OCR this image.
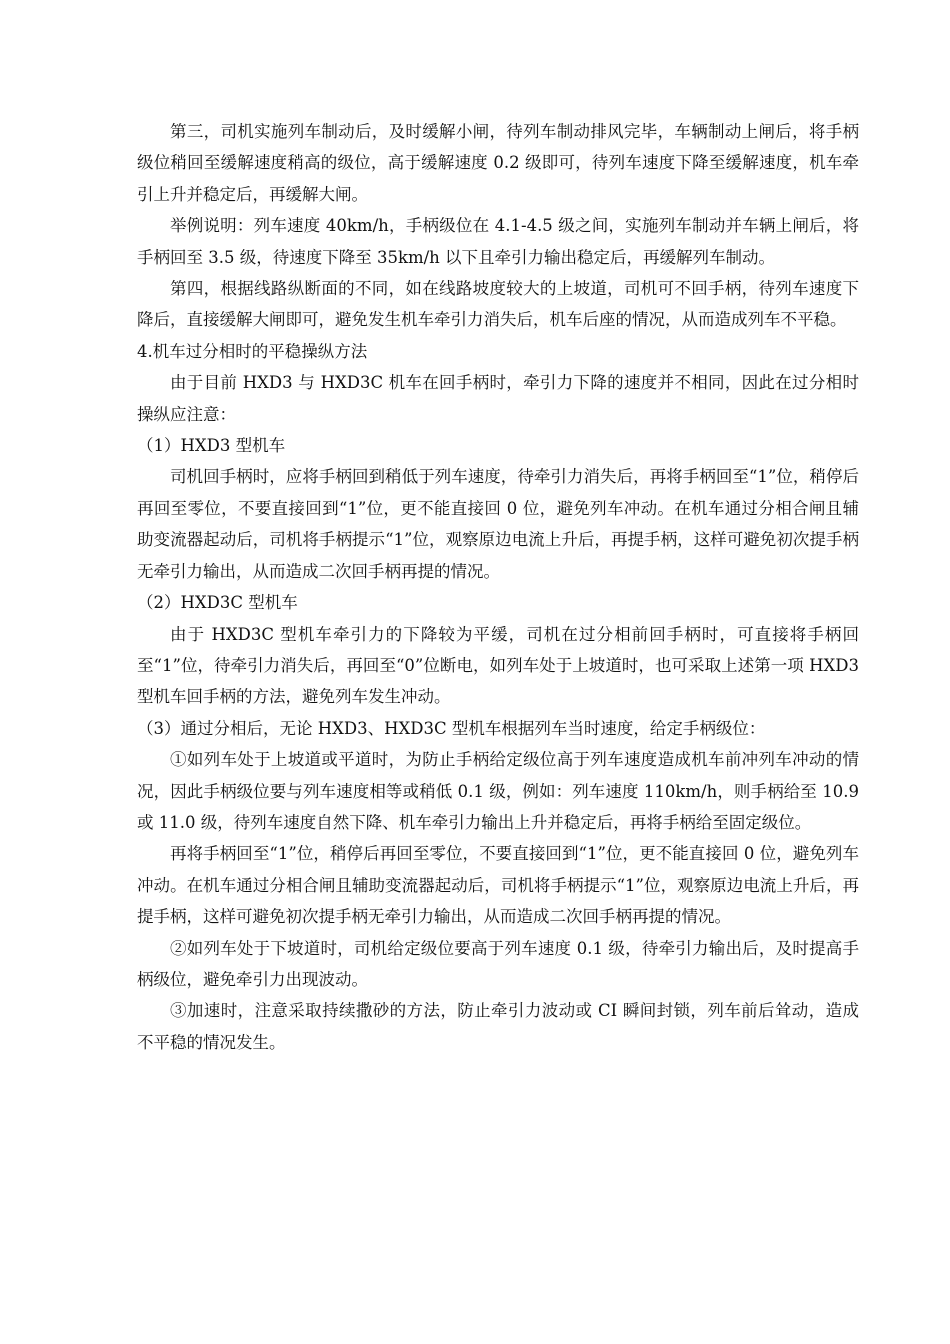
第三，司机实施列车制动后，及时缓解小闸，待列车制动排风完毕，车辆制动上闸后，将手柄级位稍回至缓解速度稍高的级位，高于缓解速度 0.2 级即可，待列车速度下降至缓解速度，机车牵引上升并稳定后，再缓解大闸。

举例说明：列车速度 40km/h，手柄级位在 4.1-4.5 级之间，实施列车制动并车辆上闸后，将手柄回至 3.5 级，待速度下降至 35km/h 以下且牵引力输出稳定后，再缓解列车制动。

第四，根据线路纵断面的不同，如在线路坡度较大的上坡道，司机可不回手柄，待列车速度下降后，直接缓解大闸即可，避免发生机车牵引力消失后，机车后座的情况，从而造成列车不平稳。

4.机车过分相时的平稳操纵方法

由于目前 HXD3 与 HXD3C 机车在回手柄时，牵引力下降的速度并不相同，因此在过分相时操纵应注意：

（1）HXD3 型机车

司机回手柄时，应将手柄回到稍低于列车速度，待牵引力消失后，再将手柄回至“1”位，稍停后再回至零位，不要直接回到“1”位，更不能直接回 0 位，避免列车冲动。在机车通过分相合闸且辅助变流器起动后，司机将手柄提示“1”位，观察原边电流上升后，再提手柄，这样可避免初次提手柄无牵引力输出，从而造成二次回手柄再提的情况。

（2）HXD3C 型机车

由于 HXD3C 型机车牵引力的下降较为平缓，司机在过分相前回手柄时，可直接将手柄回至“1”位，待牵引力消失后，再回至“0”位断电，如列车处于上坡道时，也可采取上述第一项 HXD3 型机车回手柄的方法，避免列车发生冲动。

（3）通过分相后，无论 HXD3、HXD3C 型机车根据列车当时速度，给定手柄级位：

①如列车处于上坡道或平道时，为防止手柄给定级位高于列车速度造成机车前冲列车冲动的情况，因此手柄级位要与列车速度相等或稍低 0.1 级，例如：列车速度 110km/h，则手柄给至 10.9 或 11.0 级，待列车速度自然下降、机车牵引力输出上升并稳定后，再将手柄给至固定级位。

再将手柄回至“1”位，稍停后再回至零位，不要直接回到“1”位，更不能直接回 0 位，避免列车冲动。在机车通过分相合闸且辅助变流器起动后，司机将手柄提示“1”位，观察原边电流上升后，再提手柄，这样可避免初次提手柄无牵引力输出，从而造成二次回手柄再提的情况。

②如列车处于下坡道时，司机给定级位要高于列车速度 0.1 级，待牵引力输出后，及时提高手柄级位，避免牵引力出现波动。

③加速时，注意采取持续撒砂的方法，防止牵引力波动或 CI 瞬间封锁，列车前后耸动，造成不平稳的情况发生。
